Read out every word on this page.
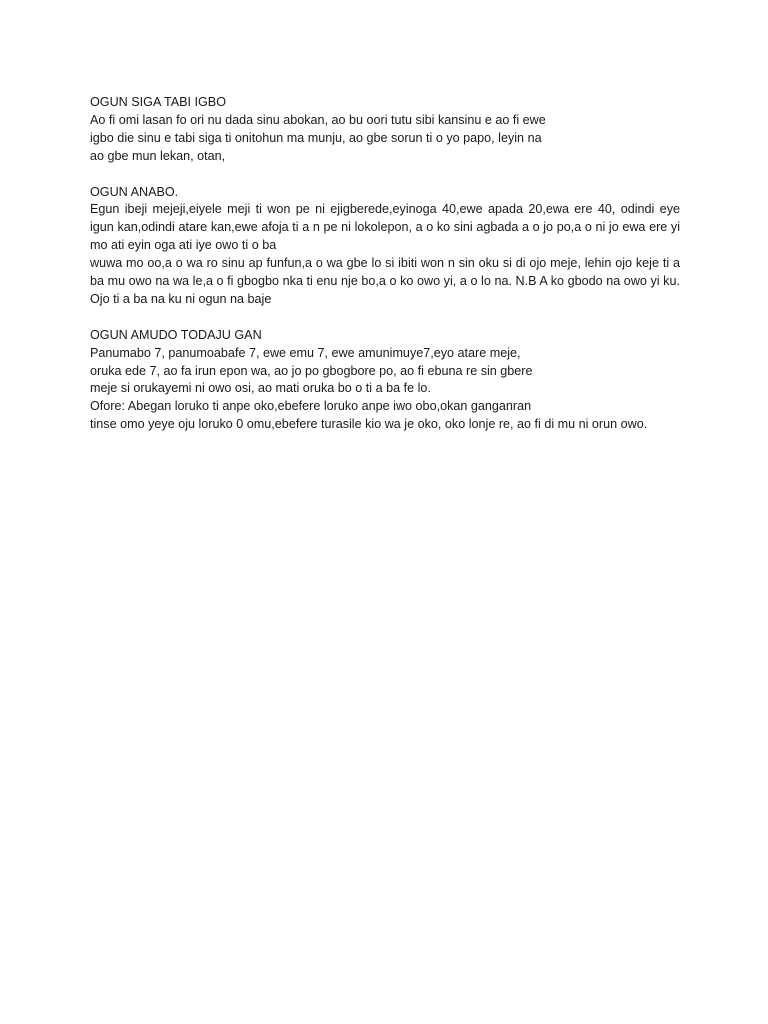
OGUN SIGA TABI IGBO
Ao fi omi lasan fo ori nu dada sinu abokan, ao bu oori tutu sibi kansinu e ao fi ewe
igbo die sinu e tabi siga ti onitohun ma munju, ao gbe sorun ti o yo papo, leyin na
ao gbe mun lekan, otan,
OGUN ANABO.
Egun ibeji mejeji,eiyele meji ti won pe ni ejigberede,eyinoga 40,ewe apada 20,ewa ere 40, odindi eye
igun kan,odindi atare kan,ewe afoja ti a n pe ni lokolepon, a o ko sini agbada a o jo po,a o ni jo ewa ere yi
mo ati eyin oga ati iye owo ti o ba
wuwa mo oo,a o wa ro sinu ap funfun,a o wa gbe lo si ibiti won n sin oku si di ojo meje, lehin ojo keje ti a
ba mu owo na wa le,a o fi gbogbo nka ti enu nje bo,a o ko owo yi, a o lo na. N.B A ko gbodo na owo yi ku.
Ojo ti a ba na ku ni ogun na baje
OGUN AMUDO TODAJU GAN
Panumabo 7, panumoabafe 7, ewe emu 7, ewe amunimuye7,eyo atare meje,
oruka ede 7, ao fa irun epon wa, ao jo po gbogbore po, ao fi ebuna re sin gbere
meje si orukayemi ni owo osi, ao mati oruka bo o ti a ba fe lo.
Ofore: Abegan loruko ti anpe oko,ebefere loruko anpe iwo obo,okan ganganran
tinse omo yeye oju loruko 0 omu,ebefere turasile kio wa je oko, oko lonje re, ao fi di mu ni orun owo.
